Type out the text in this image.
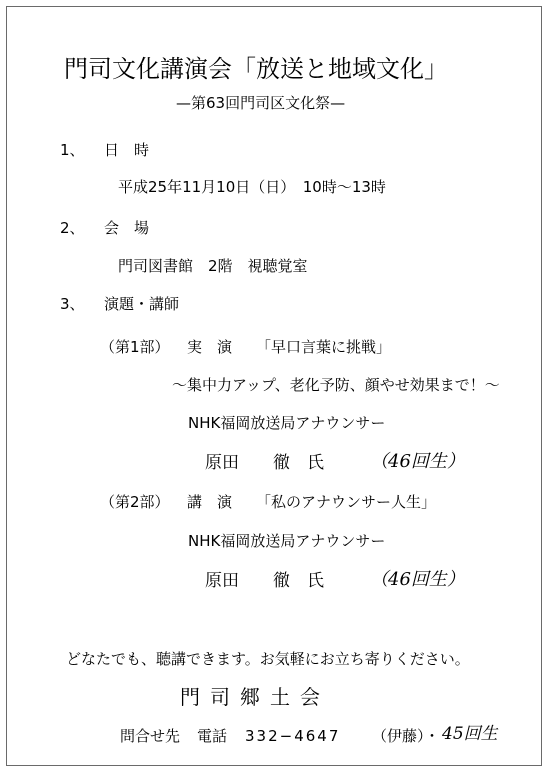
門司文化講演会「放送と地域文化」
—第63回門司区文化祭—
1、 日　時
平成25年11月10日（日）　10時～13時
2、 会　場
門司図書館　2階　視聴覚室
3、 演題・講師
（第1部） 実　演 「早口言葉に挑戦」
～集中力アップ、老化予防、顔やせ効果まで！～
NHK福岡放送局アナウンサー
原田　　徹　氏	（46回生）
（第2部） 講　演 「私のアナウンサー人生」
NHK福岡放送局アナウンサー
原田　　徹　氏	（46回生）
どなたでも、聴講できます。お気軽にお立ち寄りください。
門司郷土会
問合せ先 電話 332−4647 （伊藤）・ 45回生
